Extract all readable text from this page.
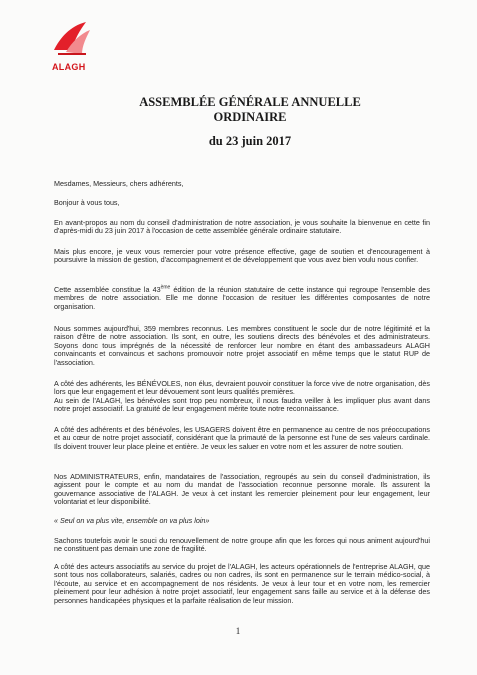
ALAGH
ASSEMBLÉE GÉNÉRALE ANNUELLE
ORDINAIRE
du 23 juin 2017

Mesdames, Messieurs, chers adhérents,

Bonjour à vous tous,

En avant-propos au nom du conseil d'administration de notre association, je vous souhaite la bienvenue en cette fin d'après-midi du 23 juin 2017 à l'occasion de cette assemblée générale ordinaire statutaire.

Mais plus encore, je veux vous remercier pour votre présence effective, gage de soutien et d'encouragement à poursuivre la mission de gestion, d'accompagnement et de développement que vous avez bien voulu nous confier.

Cette assemblée constitue la 43ème édition de la réunion statutaire de cette instance qui regroupe l'ensemble des membres de notre association. Elle me donne l'occasion de resituer les différentes composantes de notre organisation.

Nous sommes aujourd'hui, 359 membres reconnus. Les membres constituent le socle dur de notre légitimité et la raison d'être de notre association. Ils sont, en outre, les soutiens directs des bénévoles et des administrateurs. Soyons donc tous imprégnés de la nécessité de renforcer leur nombre en étant des ambassadeurs ALAGH convaincants et convaincus et sachons promouvoir notre projet associatif en même temps que le statut RUP de l'association.

A côté des adhérents, les BÉNÉVOLES, non élus, devraient pouvoir constituer la force vive de notre organisation, dès lors que leur engagement et leur dévouement sont leurs qualités premières.

Au sein de l'ALAGH, les bénévoles sont trop peu nombreux, il nous faudra veiller à les impliquer plus avant dans notre projet associatif. La gratuité de leur engagement mérite toute notre reconnaissance.

A côté des adhérents et des bénévoles, les USAGERS doivent être en permanence au centre de nos préoccupations et au cœur de notre projet associatif, considérant que la primauté de la personne est l'une de ses valeurs cardinale. Ils doivent trouver leur place pleine et entière. Je veux les saluer en votre nom et les assurer de notre soutien.

Nos ADMINISTRATEURS, enfin, mandataires de l'association, regroupés au sein du conseil d'administration, ils agissent pour le compte et au nom du mandat de l'association reconnue personne morale. Ils assurent la gouvernance associative de l'ALAGH. Je veux à cet instant les remercier pleinement pour leur engagement, leur volontariat et leur disponibilité.

« Seul on va plus vite, ensemble on va plus loin»

Sachons toutefois avoir le souci du renouvellement de notre groupe afin que les forces qui nous animent aujourd'hui ne constituent pas demain une zone de fragilité.

A côté des acteurs associatifs au service du projet de l'ALAGH, les acteurs opérationnels de l'entreprise ALAGH, que sont tous nos collaborateurs, salariés, cadres ou non cadres, ils sont en permanence sur le terrain médico-social, à l'écoute, au service et en accompagnement de nos résidents. Je veux à leur tour et en votre nom, les remercier pleinement pour leur adhésion à notre projet associatif, leur engagement sans faille au service et à la défense des personnes handicapées physiques et la parfaite réalisation de leur mission.

1
